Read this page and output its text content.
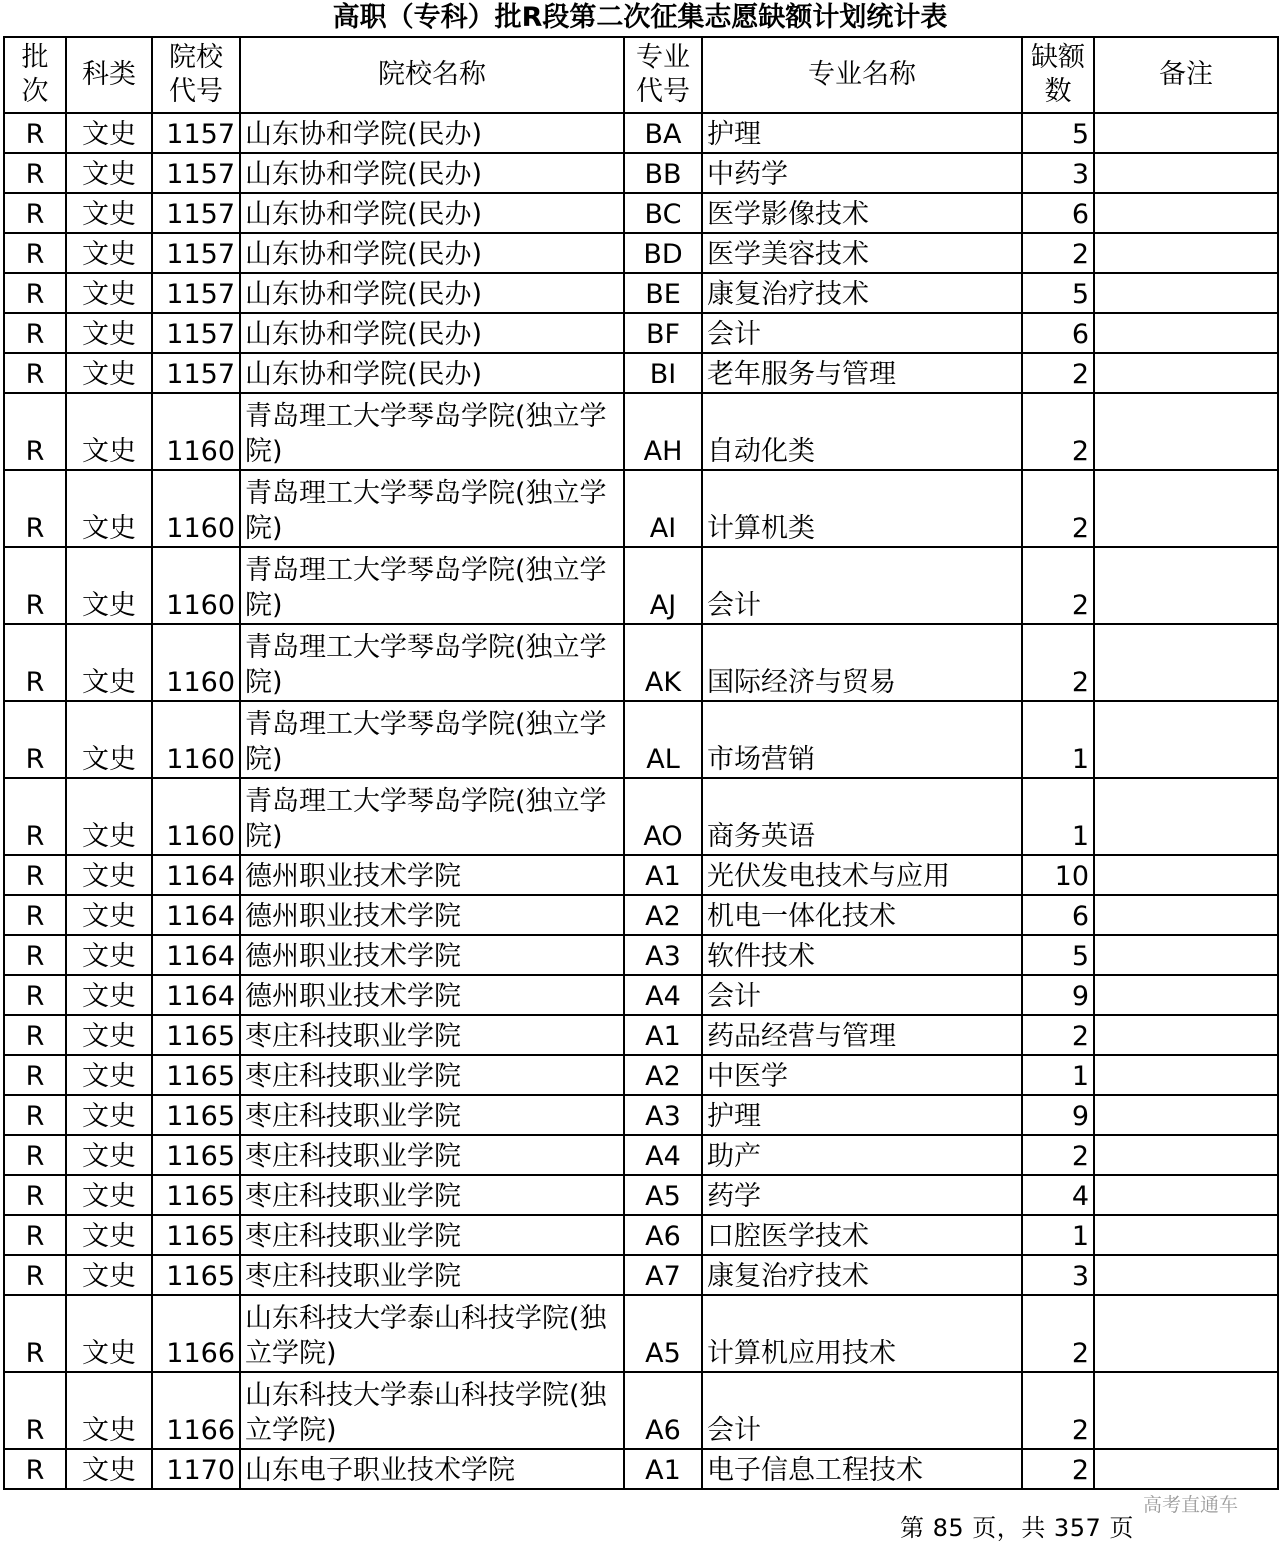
高职（专科）批R段第二次征集志愿缺额计划统计表
批次	科类	院校代号	院校名称	专业代号	专业名称	缺额数	备注
R	文史	1157	山东协和学院(民办)	BA	护理	5	
R	文史	1157	山东协和学院(民办)	BB	中药学	3	
R	文史	1157	山东协和学院(民办)	BC	医学影像技术	6	
R	文史	1157	山东协和学院(民办)	BD	医学美容技术	2	
R	文史	1157	山东协和学院(民办)	BE	康复治疗技术	5	
R	文史	1157	山东协和学院(民办)	BF	会计	6	
R	文史	1157	山东协和学院(民办)	BI	老年服务与管理	2	
R	文史	1160	青岛理工大学琴岛学院(独立学院)	AH	自动化类	2	
R	文史	1160	青岛理工大学琴岛学院(独立学院)	AI	计算机类	2	
R	文史	1160	青岛理工大学琴岛学院(独立学院)	AJ	会计	2	
R	文史	1160	青岛理工大学琴岛学院(独立学院)	AK	国际经济与贸易	2	
R	文史	1160	青岛理工大学琴岛学院(独立学院)	AL	市场营销	1	
R	文史	1160	青岛理工大学琴岛学院(独立学院)	AO	商务英语	1	
R	文史	1164	德州职业技术学院	A1	光伏发电技术与应用	10	
R	文史	1164	德州职业技术学院	A2	机电一体化技术	6	
R	文史	1164	德州职业技术学院	A3	软件技术	5	
R	文史	1164	德州职业技术学院	A4	会计	9	
R	文史	1165	枣庄科技职业学院	A1	药品经营与管理	2	
R	文史	1165	枣庄科技职业学院	A2	中医学	1	
R	文史	1165	枣庄科技职业学院	A3	护理	9	
R	文史	1165	枣庄科技职业学院	A4	助产	2	
R	文史	1165	枣庄科技职业学院	A5	药学	4	
R	文史	1165	枣庄科技职业学院	A6	口腔医学技术	1	
R	文史	1165	枣庄科技职业学院	A7	康复治疗技术	3	
R	文史	1166	山东科技大学泰山科技学院(独立学院)	A5	计算机应用技术	2	
R	文史	1166	山东科技大学泰山科技学院(独立学院)	A6	会计	2	
R	文史	1170	山东电子职业技术学院	A1	电子信息工程技术	2	
第 85 页，共 357 页
高考直通车
